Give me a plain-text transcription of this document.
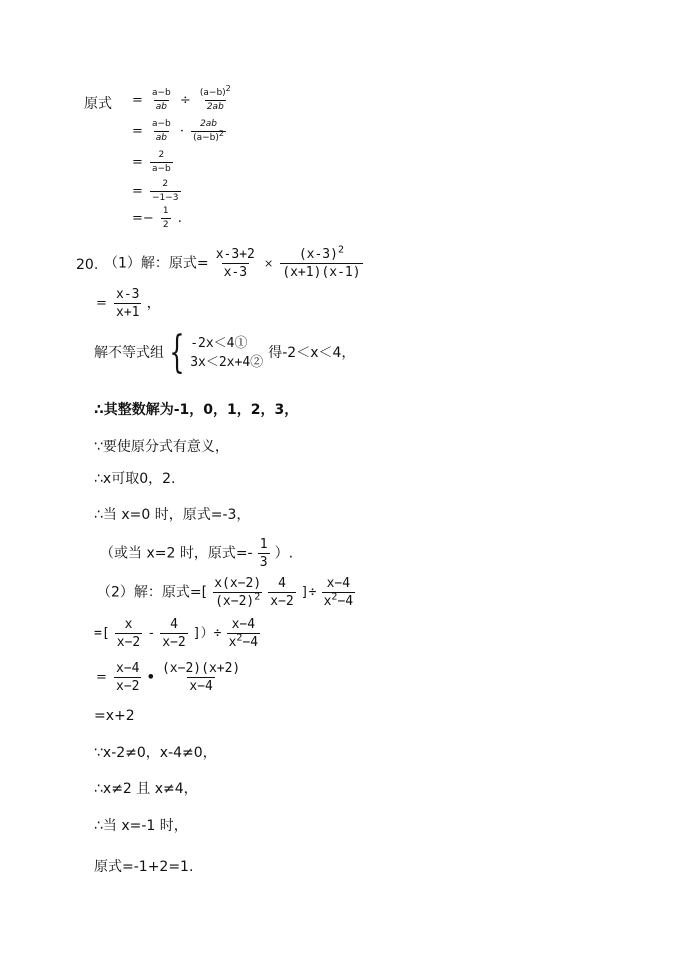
原式 = $\frac{a-b}{ab} \div \frac{(a-b)^2}{2ab}$
= $\frac{a-b}{ab} \cdot \frac{2ab}{(a-b)^2}$
= $\frac{2}{a-b}$
= $\frac{2}{-1-3}$
=− $\frac{1}{2}$ .
20. （1）解：原式= $\frac{x-3+2}{x-3} \times \frac{(x-3)^2}{(x+1)(x-1)}$
= $\frac{x-3}{x+1}$ ，
解不等式组 { -2x＜4①
3x＜2x+4②
得-2＜x＜4，
∴其整数解为-1，0，1，2，3，
∵要使原分式有意义，
∴x可取0，2.
∴当 x=0 时，原式=-3，
（或当 x=2 时，原式=- $\frac{1}{3}$ ）.
（2）解：原式=[ $\frac{x(x-2)}{(x-2)^2}$
$\frac{4}{x-2}$ ]÷ $\frac{x-4}{x^2-4}$
=[ $\frac{x}{x-2} - \frac{4}{x-2}$ ]）÷ $\frac{x-4}{x^2-4}$
= $\frac{x-4}{x-2}$ • $\frac{(x-2)(x+2)}{x-4}$
=x+2
∵x-2≠0，x-4≠0，
∴x≠2 且 x≠4，
∴当 x=-1 时，
原式=-1+2=1.
